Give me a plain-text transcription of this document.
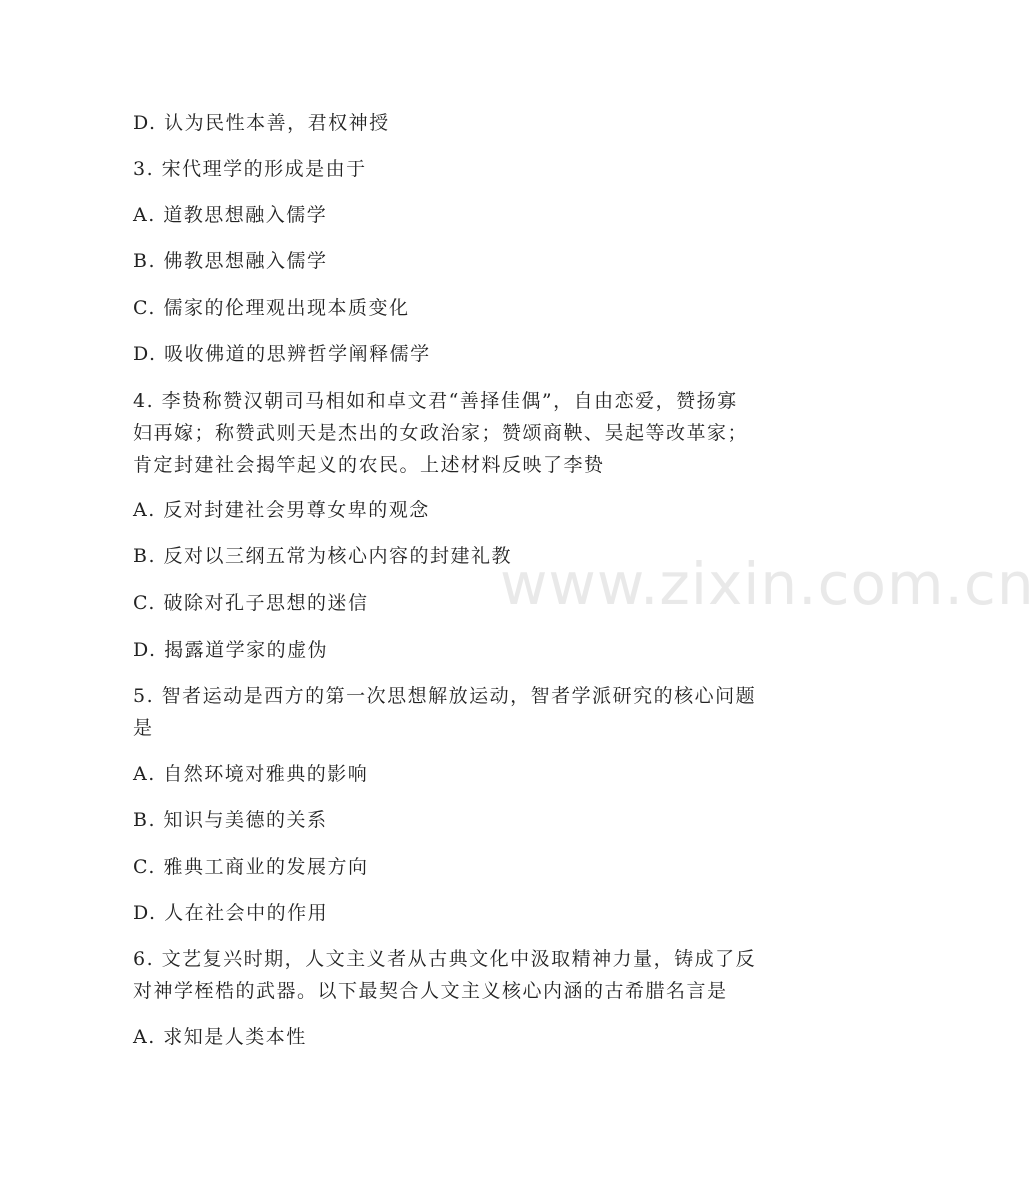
www.zixin.com.cn
D. 认为民性本善，君权神授
3. 宋代理学的形成是由于
A. 道教思想融入儒学
B. 佛教思想融入儒学
C. 儒家的伦理观出现本质变化
D. 吸收佛道的思辨哲学阐释儒学
4. 李贽称赞汉朝司马相如和卓文君“善择佳偶”，自由恋爱，赞扬寡
妇再嫁；称赞武则天是杰出的女政治家；赞颂商鞅、吴起等改革家；
肯定封建社会揭竿起义的农民。上述材料反映了李贽
A. 反对封建社会男尊女卑的观念
B. 反对以三纲五常为核心内容的封建礼教
C. 破除对孔子思想的迷信
D. 揭露道学家的虚伪
5. 智者运动是西方的第一次思想解放运动，智者学派研究的核心问题
是
A. 自然环境对雅典的影响
B. 知识与美德的关系
C. 雅典工商业的发展方向
D. 人在社会中的作用
6. 文艺复兴时期，人文主义者从古典文化中汲取精神力量，铸成了反
对神学桎梏的武器。以下最契合人文主义核心内涵的古希腊名言是
A. 求知是人类本性
